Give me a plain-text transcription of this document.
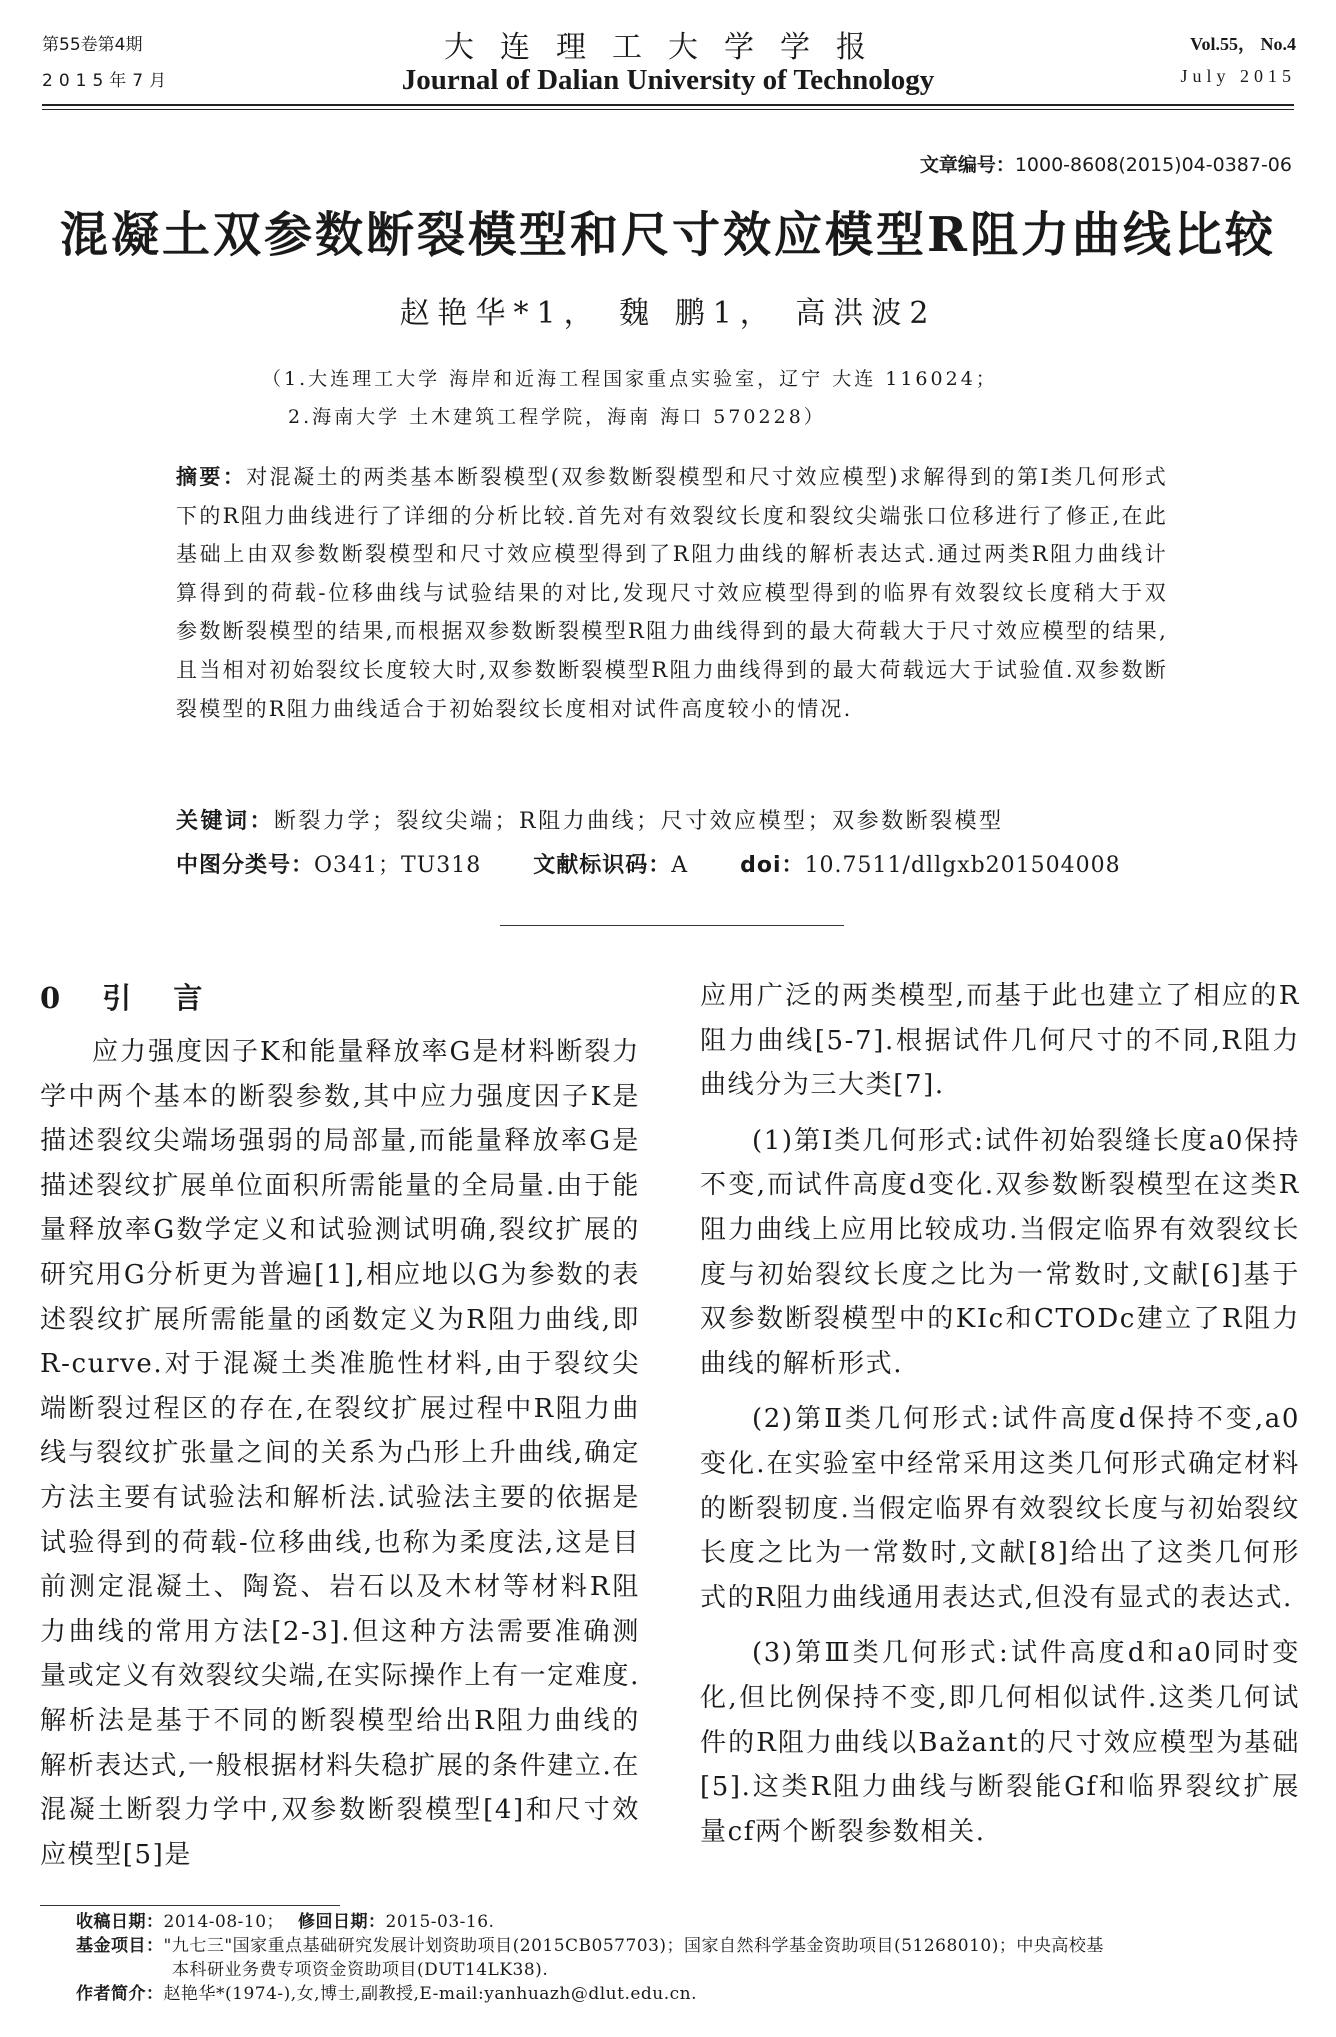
第55卷第4期
2015年7月
大连理工大学学报
Journal of Dalian University of Technology
Vol.55， No.4
July 2015
文章编号：1000-8608(2015)04-0387-06
混凝土双参数断裂模型和尺寸效应模型R阻力曲线比较
赵艳华*1， 魏 鹏1， 高洪波2
（1.大连理工大学 海岸和近海工程国家重点实验室，辽宁 大连 116024；
2.海南大学 土木建筑工程学院，海南 海口 570228）
摘要：对混凝土的两类基本断裂模型(双参数断裂模型和尺寸效应模型)求解得到的第Ⅰ类几何形式下的R阻力曲线进行了详细的分析比较.首先对有效裂纹长度和裂纹尖端张口位移进行了修正,在此基础上由双参数断裂模型和尺寸效应模型得到了R阻力曲线的解析表达式.通过两类R阻力曲线计算得到的荷载-位移曲线与试验结果的对比,发现尺寸效应模型得到的临界有效裂纹长度稍大于双参数断裂模型的结果,而根据双参数断裂模型R阻力曲线得到的最大荷载大于尺寸效应模型的结果,且当相对初始裂纹长度较大时,双参数断裂模型R阻力曲线得到的最大荷载远大于试验值.双参数断裂模型的R阻力曲线适合于初始裂纹长度相对试件高度较小的情况.
关键词：断裂力学；裂纹尖端；R阻力曲线；尺寸效应模型；双参数断裂模型
中图分类号：O341；TU318 文献标识码：A doi：10.7511/dllgxb201504008
0 引 言

应力强度因子K和能量释放率G是材料断裂力学中两个基本的断裂参数,其中应力强度因子K是描述裂纹尖端场强弱的局部量,而能量释放率G是描述裂纹扩展单位面积所需能量的全局量.由于能量释放率G数学定义和试验测试明确,裂纹扩展的研究用G分析更为普遍[1],相应地以G为参数的表述裂纹扩展所需能量的函数定义为R阻力曲线,即R-curve.对于混凝土类准脆性材料,由于裂纹尖端断裂过程区的存在,在裂纹扩展过程中R阻力曲线与裂纹扩张量之间的关系为凸形上升曲线,确定方法主要有试验法和解析法.试验法主要的依据是试验得到的荷载-位移曲线,也称为柔度法,这是目前测定混凝土、陶瓷、岩石以及木材等材料R阻力曲线的常用方法[2-3].但这种方法需要准确测量或定义有效裂纹尖端,在实际操作上有一定难度.解析法是基于不同的断裂模型给出R阻力曲线的解析表达式,一般根据材料失稳扩展的条件建立.在混凝土断裂力学中,双参数断裂模型[4]和尺寸效应模型[5]是

应用广泛的两类模型,而基于此也建立了相应的R阻力曲线[5-7].根据试件几何尺寸的不同,R阻力曲线分为三大类[7].

(1)第Ⅰ类几何形式:试件初始裂缝长度a0保持不变,而试件高度d变化.双参数断裂模型在这类R阻力曲线上应用比较成功.当假定临界有效裂纹长度与初始裂纹长度之比为一常数时,文献[6]基于双参数断裂模型中的KIc和CTODc建立了R阻力曲线的解析形式.

(2)第Ⅱ类几何形式:试件高度d保持不变,a0变化.在实验室中经常采用这类几何形式确定材料的断裂韧度.当假定临界有效裂纹长度与初始裂纹长度之比为一常数时,文献[8]给出了这类几何形式的R阻力曲线通用表达式,但没有显式的表达式.

(3)第Ⅲ类几何形式:试件高度d和a0同时变化,但比例保持不变,即几何相似试件.这类几何试件的R阻力曲线以Bažant的尺寸效应模型为基础[5].这类R阻力曲线与断裂能Gf和临界裂纹扩展量cf两个断裂参数相关.

收稿日期：2014-08-10； 修回日期：2015-03-16.
基金项目："九七三"国家重点基础研究发展计划资助项目(2015CB057703)；国家自然科学基金资助项目(51268010)；中央高校基
本科研业务费专项资金资助项目(DUT14LK38).
作者简介：赵艳华*(1974-),女,博士,副教授,E-mail:yanhuazh@dlut.edu.cn.
